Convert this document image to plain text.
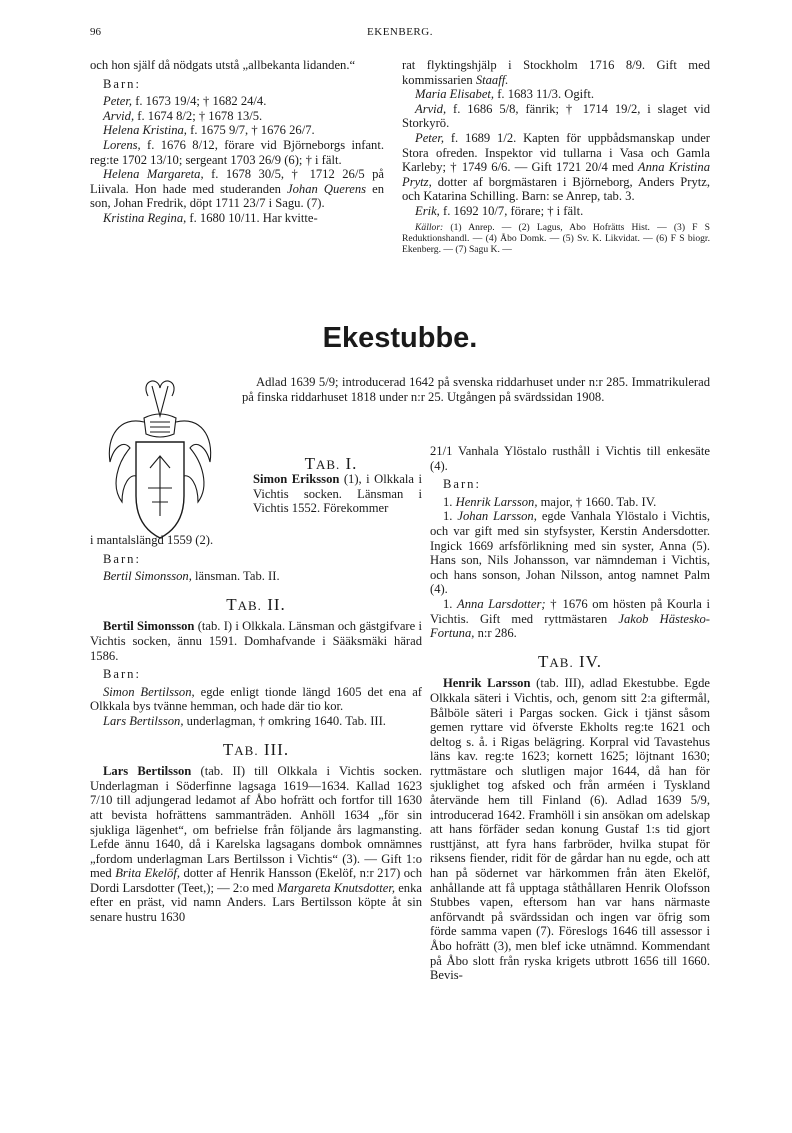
96	EKENBERG.

och hon själf då nödgats utstå „allbekanta lidanden.“

Barn:

Peter, f. 1673 19/4; † 1682 24/4.

Arvid, f. 1674 8/2; † 1678 13/5.

Helena Kristina, f. 1675 9/7, † 1676 26/7.

Lorens, f. 1676 8/12, förare vid Björneborgs infant. reg:te 1702 13/10; sergeant 1703 26/9 (6); † i fält.

Helena Margareta, f. 1678 30/5, † 1712 26/5 på Liivala. Hon hade med studeranden Johan Querens en son, Johan Fredrik, döpt 1711 23/7 i Sagu. (7).

Kristina Regina, f. 1680 10/11. Har kvitte-

rat flyktingshjälp i Stockholm 1716 8/9. Gift med kommissarien Staaff.

Maria Elisabet, f. 1683 11/3. Ogift.

Arvid, f. 1686 5/8, fänrik; † 1714 19/2, i slaget vid Storkyrö.

Peter, f. 1689 1/2. Kapten för uppbådsmanskap under Stora ofreden. Inspektor vid tullarna i Vasa och Gamla Karleby; † 1749 6/6. — Gift 1721 20/4 med Anna Kristina Prytz, dotter af borgmästaren i Björneborg, Anders Prytz, och Katarina Schilling. Barn: se Anrep, tab. 3.

Erik, f. 1692 10/7, förare; † i fält.

Källor: (1) Anrep. — (2) Lagus, Abo Hofrätts Hist. — (3) F S Reduktionshandl. — (4) Åbo Domk. — (5) Sv. K. Likvidat. — (6) F S biogr. Ekenberg. — (7) Sagu K. —

Ekestubbe.

Adlad 1639 5/9; introducerad 1642 på svenska riddarhuset under n:r 285. Immatrikulerad på finska riddarhuset 1818 under n:r 25. Utgången på svärdssidan 1908.

TAB. I.

Simon Eriksson (1), i Olkkala i Vichtis socken. Länsman i Vichtis 1552. Förekommer

i mantalslängd 1559 (2).

Barn:

Bertil Simonsson, länsman. Tab. II.

TAB. II.

Bertil Simonsson (tab. I) i Olkkala. Länsman och gästgifvare i Vichtis socken, ännu 1591. Domhafvande i Sääksmäki härad 1586.

Barn:

Simon Bertilsson, egde enligt tionde längd 1605 det ena af Olkkala bys tvänne hemman, och hade där tio kor.

Lars Bertilsson, underlagman, † omkring 1640. Tab. III.

TAB. III.

Lars Bertilsson (tab. II) till Olkkala i Vichtis socken. Underlagman i Söderfinne lagsaga 1619—1634. Kallad 1623 7/10 till adjungerad ledamot af Åbo hofrätt och fortfor till 1630 att bevista hofrättens sammanträden. Anhöll 1634 „för sin sjukliga lägenhet“, om befrielse från följande års lagmansting. Lefde ännu 1640, då i Karelska lagsagans dombok omnämnes „fordom underlagman Lars Bertilsson i Vichtis“ (3). — Gift 1:o med Brita Ekelöf, dotter af Henrik Hansson (Ekelöf, n:r 217) och Dordi Larsdotter (Teet,); — 2:o med Margareta Knutsdotter, enka efter en präst, vid namn Anders. Lars Bertilsson köpte åt sin senare hustru 1630

21/1 Vanhala Ylöstalo rusthåll i Vichtis till enkesäte (4).

Barn:

1. Henrik Larsson, major, † 1660. Tab. IV.

1. Johan Larsson, egde Vanhala Ylöstalo i Vichtis, och var gift med sin styfsyster, Kerstin Andersdotter. Ingick 1669 arfsförlikning med sin syster, Anna (5). Hans son, Nils Johansson, var nämndeman i Vichtis, och hans sonson, Johan Nilsson, antog namnet Palm (4).

1. Anna Larsdotter; † 1676 om hösten på Kourla i Vichtis. Gift med ryttmästaren Jakob Hästesko-Fortuna, n:r 286.

TAB. IV.

Henrik Larsson (tab. III), adlad Ekestubbe. Egde Olkkala säteri i Vichtis, och, genom sitt 2:a giftermål, Bålböle säteri i Pargas socken. Gick i tjänst såsom gemen ryttare vid öfverste Ekholts reg:te 1621 och deltog s. å. i Rigas belägring. Korpral vid Tavastehus läns kav. reg:te 1623; kornett 1625; löjtnant 1630; ryttmästare och slutligen major 1644, då han för sjuklighet tog afsked och från arméen i Tyskland återvände hem till Finland (6). Adlad 1639 5/9, introducerad 1642. Framhöll i sin ansökan om adelskap att hans förfäder sedan konung Gustaf 1:s tid gjort rusttjänst, att fyra hans farbröder, hvilka stupat för riksens fiender, ridit för de gårdar han nu egde, och att han på södernet var härkommen från äten Ekelöf, anhållande att få upptaga ståthållaren Henrik Olofsson Stubbes vapen, eftersom han var hans närmaste anförvandt på svärdssidan och ingen var öfrig som förde samma vapen (7). Föreslogs 1646 till assessor i Åbo hofrätt (3), men blef icke utnämnd. Kommendant på Åbo slott från ryska krigets utbrott 1656 till 1660. Bevis-
